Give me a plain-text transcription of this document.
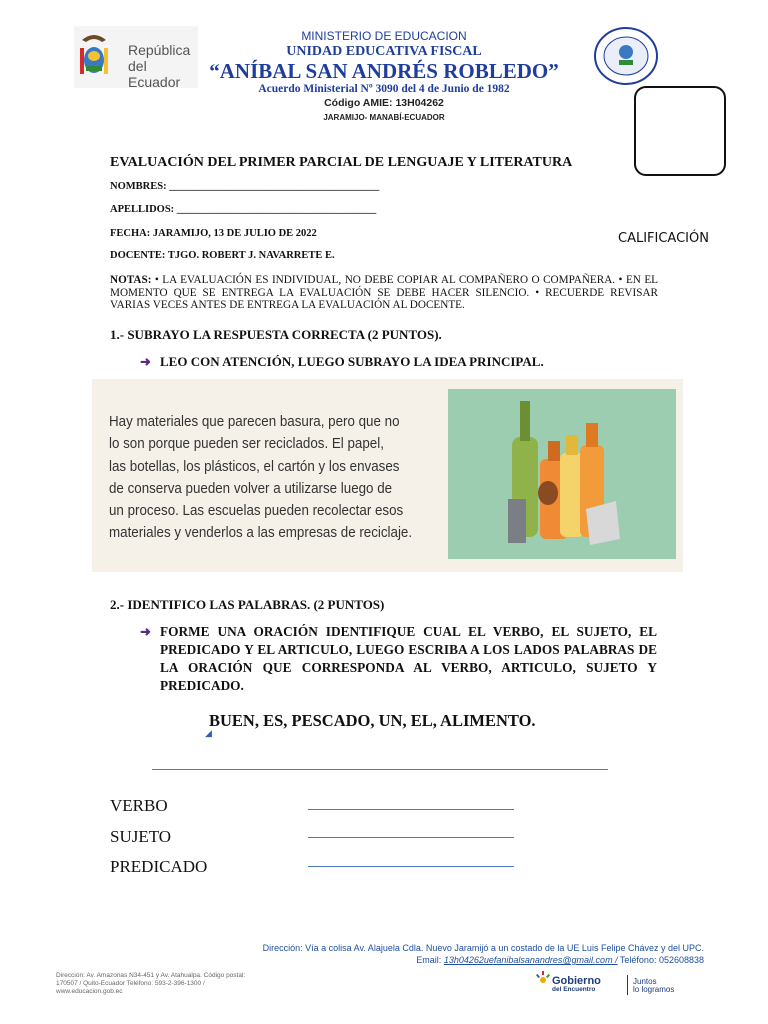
República
del Ecuador
MINISTERIO DE EDUCACION
UNIDAD EDUCATIVA FISCAL
“ANÍBAL SAN ANDRÉS ROBLEDO”
Acuerdo Ministerial Nº 3090 del 4 de Junio de 1982
Código AMIE: 13H04262
JARAMIJO- MANABÍ-ECUADOR
CALIFICACIÓN
EVALUACIÓN DEL PRIMER PARCIAL DE LENGUAJE Y LITERATURA
NOMBRES: ________________________________________
APELLIDOS: ______________________________________
FECHA: JARAMIJO, 13 DE JULIO DE 2022
DOCENTE: TJGO. ROBERT J. NAVARRETE E.
NOTAS: • LA EVALUACIÓN ES INDIVIDUAL, NO DEBE COPIAR AL COMPAÑERO O COMPAÑERA. • EN EL MOMENTO QUE SE ENTREGA LA EVALUACIÓN SE DEBE HACER SILENCIO. • RECUERDE REVISAR VARIAS VECES ANTES DE ENTREGA LA EVALUACIÓN AL DOCENTE.
1.- SUBRAYO LA RESPUESTA CORRECTA (2 PUNTOS).
➜ LEO CON ATENCIÓN, LUEGO SUBRAYO LA IDEA PRINCIPAL.
Hay materiales que parecen basura, pero que no
lo son porque pueden ser reciclados. El papel,
las botellas, los plásticos, el cartón y los envases
de conserva pueden volver a utilizarse luego de
un proceso. Las escuelas pueden recolectar esos
materiales y venderlos a las empresas de reciclaje.
2.- IDENTIFICO LAS PALABRAS. (2 PUNTOS)
➜ FORME UNA ORACIÓN IDENTIFIQUE CUAL EL VERBO, EL SUJETO, EL PREDICADO Y EL ARTICULO, LUEGO ESCRIBA A LOS LADOS PALABRAS DE LA ORACIÓN QUE CORRESPONDA AL VERBO, ARTICULO, SUJETO Y PREDICADO.
BUEN, ES, PESCADO, UN, EL, ALIMENTO.
◢
VERBO
SUJETO
PREDICADO
Dirección: Vía a colisa Av. Alajuela Cdla. Nuevo Jaramijó a un costado de la UE Luis Felipe Chávez y del UPC.
Email: 13h04262uefanibalsanandres@gmail.com / Teléfono: 052608838
Dirección: Av. Amazonas N34-451 y Av. Atahualpa. Código postal: 170507 / Quito-Ecuador Teléfono: 593-2-396-1300 / www.educacion.gob.ec
Gobierno
del Encuentro
Juntos
lo logramos
